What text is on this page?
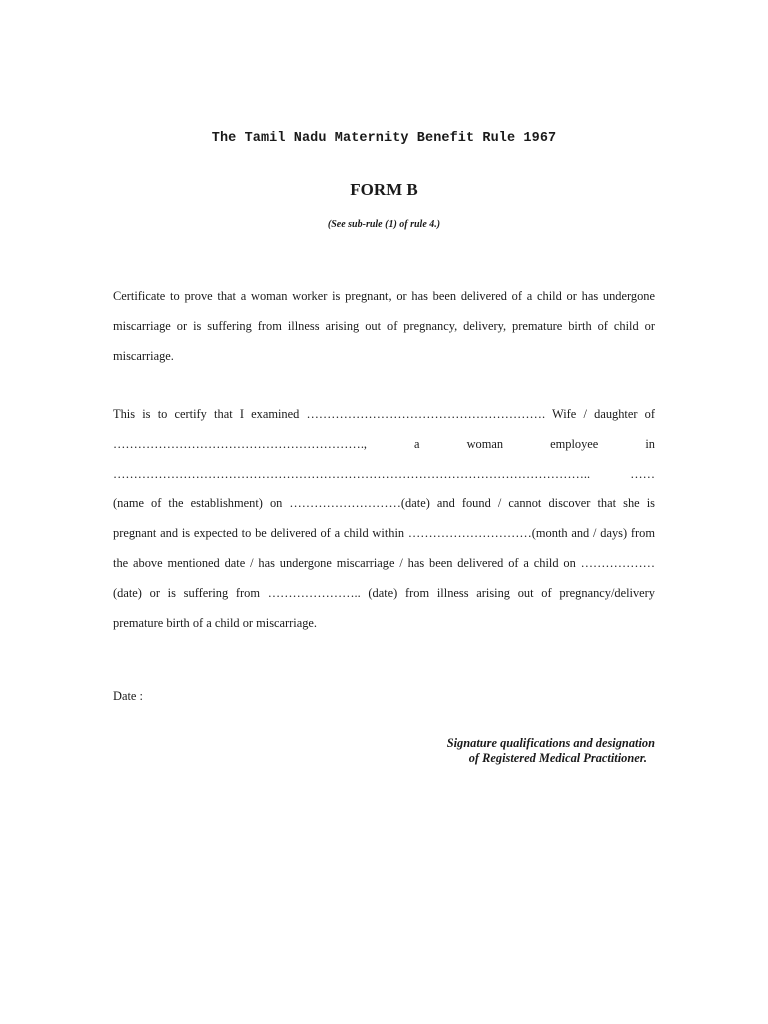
The Tamil Nadu Maternity Benefit Rule 1967
FORM B
(See sub-rule (1) of rule 4.)
Certificate to prove that a woman worker is pregnant, or has been delivered of a child or has undergone
miscarriage or is suffering from illness arising out of pregnancy, delivery, premature birth of child or
miscarriage.
This is to certify that I examined …………………………………………………. Wife / daughter of
……………………………………………………., a woman employee in
…………………………………………………………………………………………………….. ……
(name of the establishment) on ………………………(date) and found / cannot discover that she is
pregnant and is expected to be delivered of a child within …………………………(month and / days) from
the above mentioned date / has undergone miscarriage / has been delivered of a child on ………………
(date) or is suffering from ………………….. (date) from illness arising out of pregnancy/delivery
premature birth of a child or miscarriage.
Date :
Signature qualifications and designation
of Registered Medical Practitioner.
